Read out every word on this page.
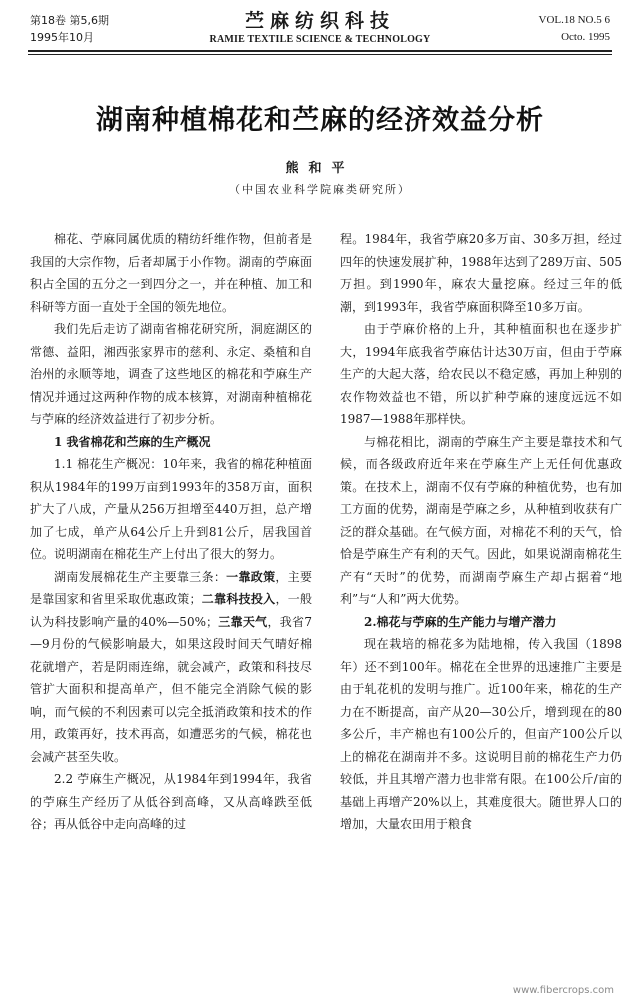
第18卷 第5,6期
1995年10月
苎麻纺织科技
RAMIE TEXTILE SCIENCE & TECHNOLOGY
VOL.18 NO.5 6
Octo. 1995
湖南种植棉花和苎麻的经济效益分析
熊和平
（中国农业科学院麻类研究所）

棉花、苧麻同属优质的精纺纤维作物，但前者是我国的大宗作物，后者却属于小作物。湖南的苧麻面积占全国的五分之一到四分之一，并在种植、加工和科研等方面一直处于全国的领先地位。

我们先后走访了湖南省棉花研究所，洞庭湖区的常德、益阳，湘西张家界市的慈利、永定、桑植和自治州的永顺等地，调查了这些地区的棉花和苧麻生产情况并通过这两种作物的成本核算，对湖南种植棉花与苧麻的经济效益进行了初步分析。

1 我省棉花和苎麻的生产概况

1.1 棉花生产概况：10年来，我省的棉花种植面积从1984年的199万亩到1993年的358万亩，面积扩大了八成，产量从256万担增至440万担，总产增加了七成，单产从64公斤上升到81公斤，居我国首位。说明湖南在棉花生产上付出了很大的努力。

湖南发展棉花生产主要靠三条：一靠政策，主要是靠国家和省里采取优惠政策；二靠科技投入，一般认为科技影响产量的40%—50%；三靠天气，我省7—9月份的气候影响最大，如果这段时间天气晴好棉花就增产，若是阴雨连绵，就会减产，政策和科技尽管扩大面积和提高单产，但不能完全消除气候的影响，而气候的不利因素可以完全抵消政策和技术的作用，政策再好，技术再高，如遭恶劣的气候，棉花也会减产甚至失收。

2.2 苧麻生产概况，从1984年到1994年，我省的苧麻生产经历了从低谷到高峰，又从高峰跌至低谷；再从低谷中走向高峰的过

程。1984年，我省苧麻20多万亩、30多万担，经过四年的快速发展扩种，1988年达到了289万亩、505万担。到1990年，麻农大量挖麻。经过三年的低潮，到1993年，我省苧麻面积降至10多万亩。

由于苧麻价格的上升，其种植面积也在逐步扩大，1994年底我省苧麻估计达30万亩，但由于苧麻生产的大起大落，给农民以不稳定感，再加上种别的农作物效益也不错，所以扩种苧麻的速度远远不如1987—1988年那样快。

与棉花相比，湖南的苧麻生产主要是靠技术和气候，而各级政府近年来在苧麻生产上无任何优惠政策。在技术上，湖南不仅有苧麻的种植优势，也有加工方面的优势，湖南是苧麻之乡，从种植到收获有广泛的群众基础。在气候方面，对棉花不利的天气，恰恰是苧麻生产有利的天气。因此，如果说湖南棉花生产有“天时”的优势，而湖南苧麻生产却占据着“地利”与“人和”两大优势。

2.棉花与苧麻的生产能力与增产潜力

现在栽培的棉花多为陆地棉，传入我国（1898年）还不到100年。棉花在全世界的迅速推广主要是由于轧花机的发明与推广。近100年来，棉花的生产力在不断提高，亩产从20—30公斤，增到现在的80多公斤，丰产棉也有100公斤的，但亩产100公斤以上的棉花在湖南并不多。这说明目前的棉花生产力仍较低，并且其增产潜力也非常有限。在100公斤/亩的基础上再增产20%以上，其难度很大。随世界人口的增加，大量农田用于粮食

www.fibercrops.com
